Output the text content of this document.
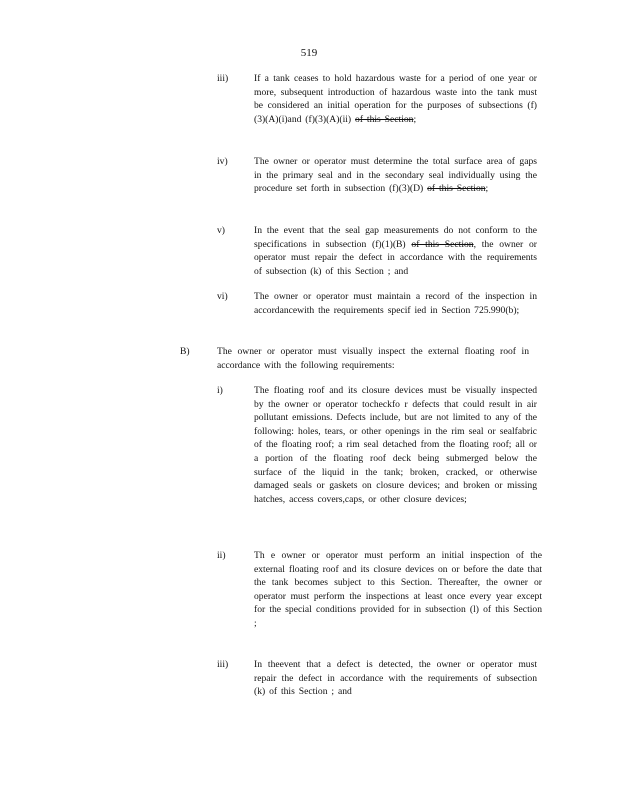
519
iii)	If a tank ceases to hold hazardous waste for a period of one year or more, subsequent introduction of hazardous waste into the tank must be considered an initial operation for the purposes of subsections (f)(3)(A)(i)and (f)(3)(A)(ii) of this Section;
iv)	The owner or operator must determine the total surface area of gaps in the primary seal and in the secondary seal individually using the procedure set forth in subsection (f)(3)(D) of this Section;
v)	In the event that the seal gap measurements do not conform to the specifications in subsection (f)(1)(B) of this Section, the owner or operator must repair the defect in accordance with the requirements of subsection (k) of this Section ; and
vi)	The owner or operator must maintain a record of the inspection in accordancewith the requirements specif ied in Section 725.990(b);
B)	The owner or operator must visually inspect the external floating roof in accordance with the following requirements:
i)	The floating roof and its closure devices must be visually inspected by the owner or operator tocheckfo r defects that could result in air pollutant emissions. Defects include, but are not limited to any of the following: holes, tears, or other openings in the rim seal or sealfabric of the floating roof; a rim seal detached from the floating roof; all or a portion of the floating roof deck being submerged below the surface of the liquid in the tank; broken, cracked, or otherwise damaged seals or gaskets on closure devices; and broken or missing hatches, access covers,caps, or other closure devices;
ii)	Th e owner or operator must perform an initial inspection of the external floating roof and its closure devices on or before the date that the tank becomes subject to this Section. Thereafter, the owner or operator must perform the inspections at least once every year except for the special conditions provided for in subsection (l) of this Section ;
iii)	In theevent that a defect is detected, the owner or operator must repair the defect in accordance with the requirements of subsection (k) of this Section ; and
